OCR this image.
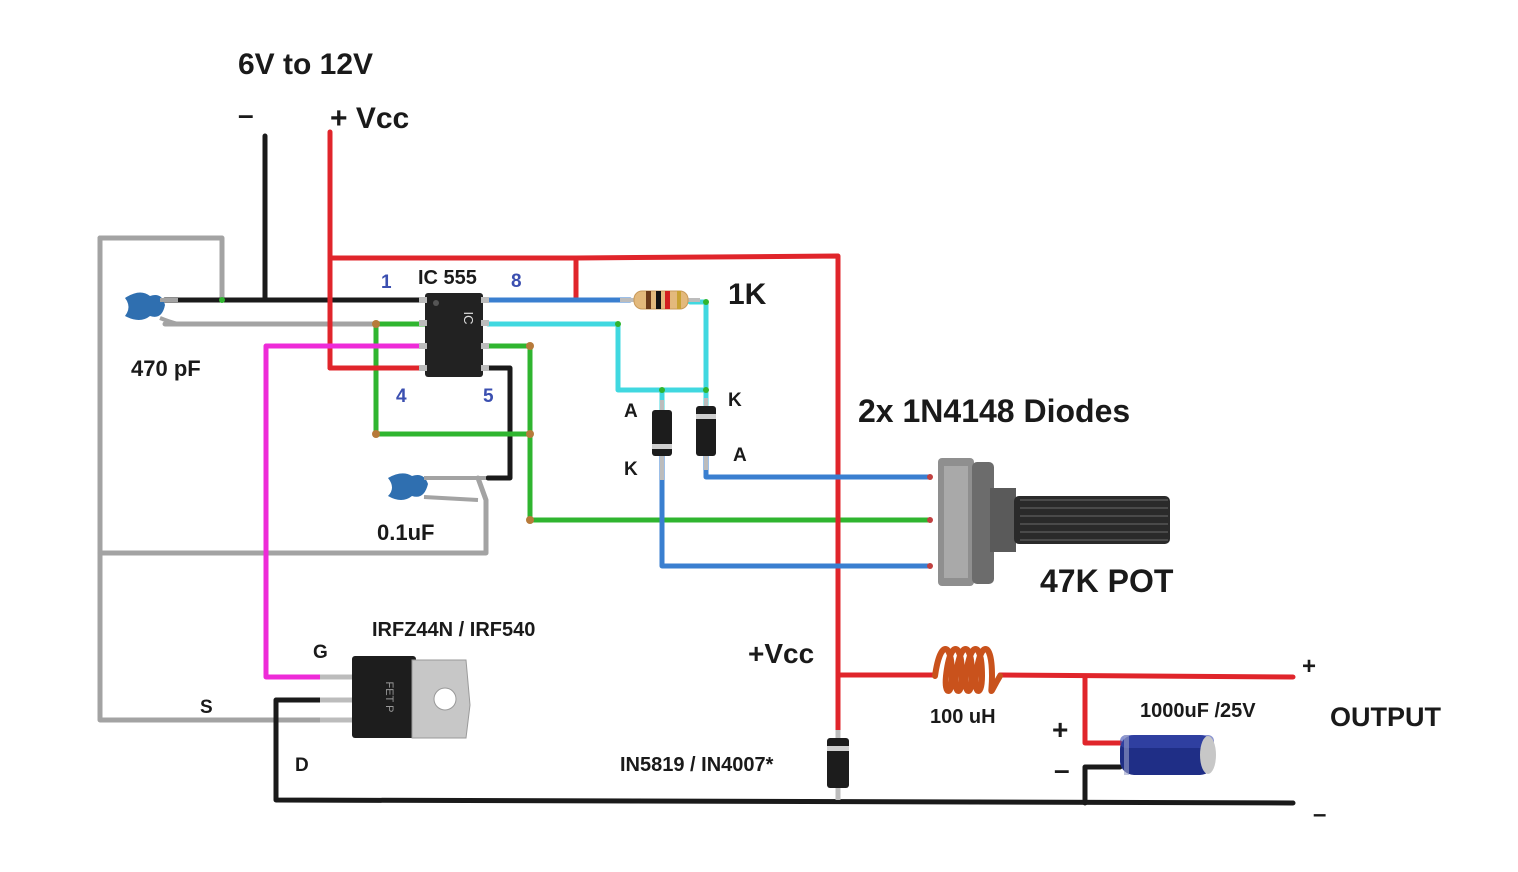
IC
FET P
6V to 12V
–	+ Vcc
IC 555
1	8
4	5
1K
470 pF
0.1uF
A
K
K
A
2x 1N4148 Diodes
47K POT
IRFZ44N / IRF540
G
S
D
+Vcc
100 uH
IN5819 / IN4007*
1000uF /25V
+
–
+
OUTPUT
–
